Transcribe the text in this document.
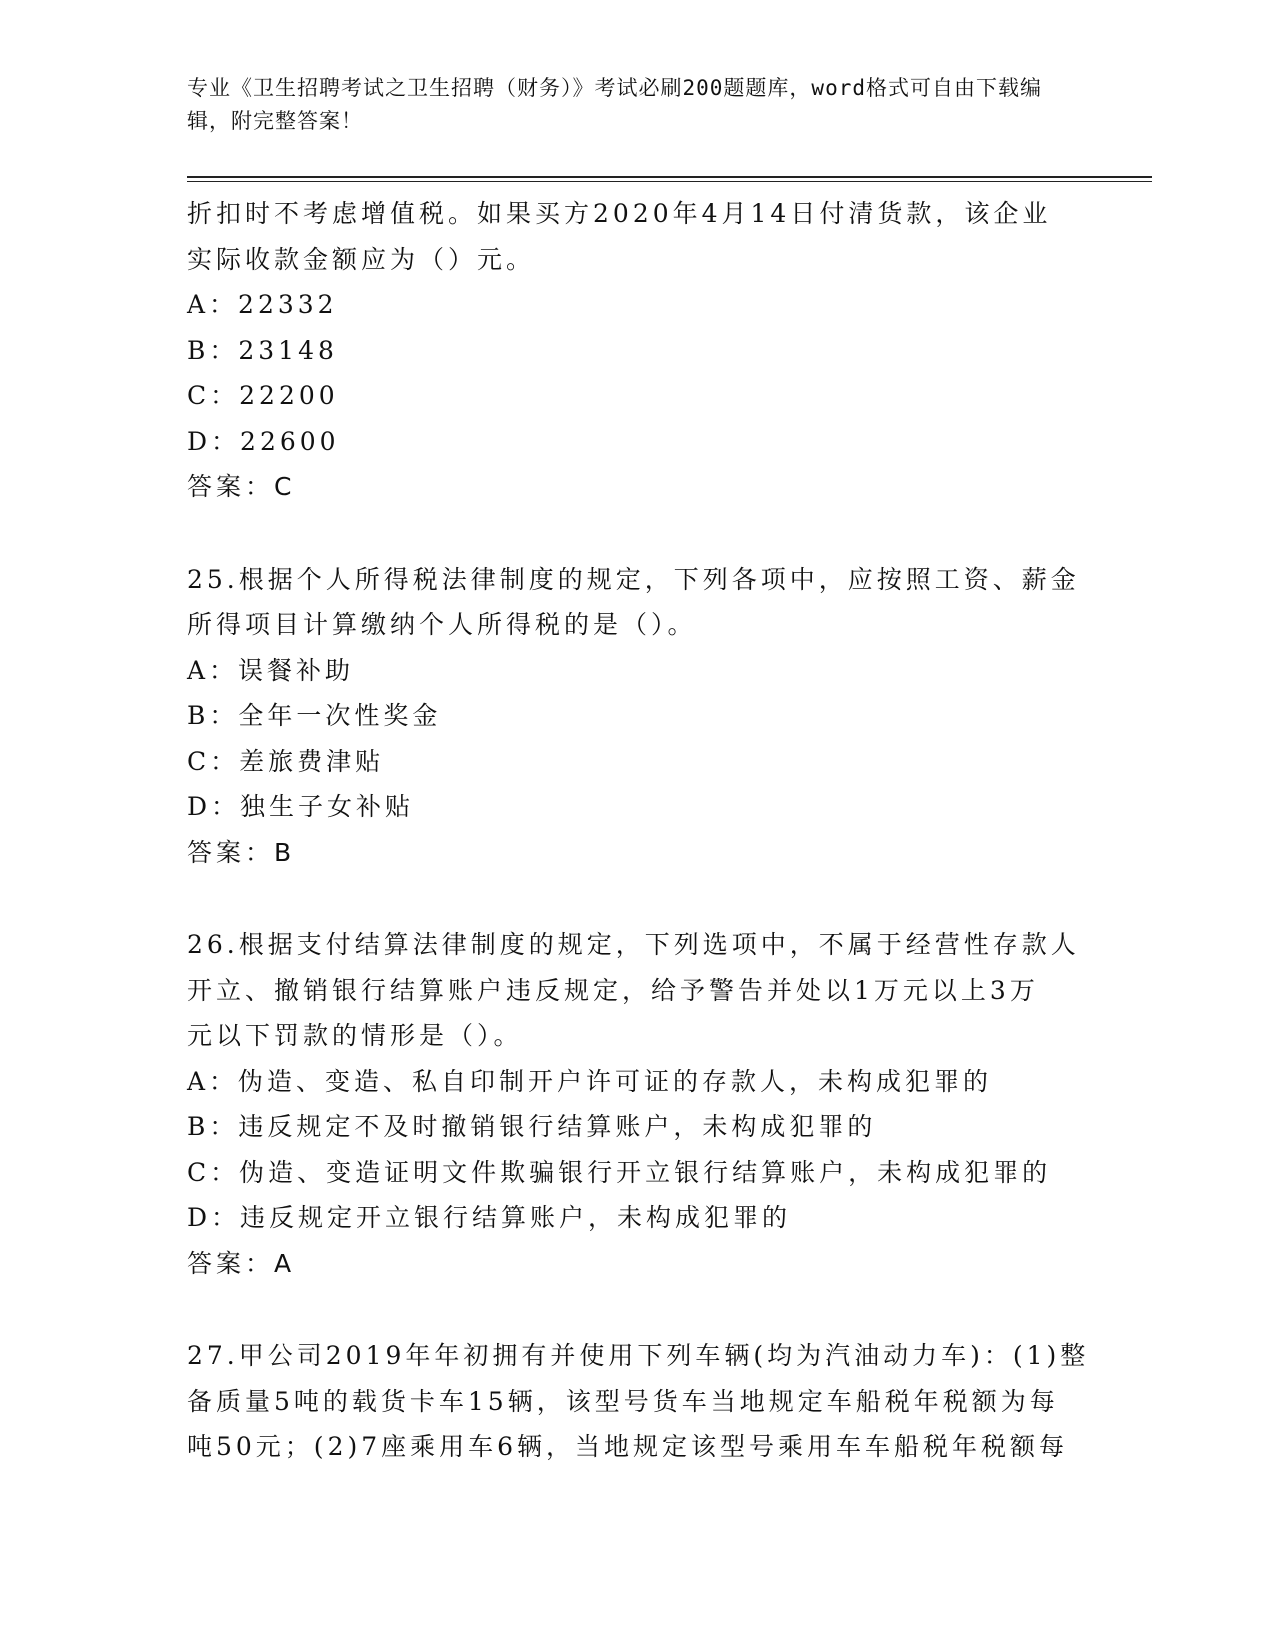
专业《卫生招聘考试之卫生招聘（财务）》考试必刷200题题库，word格式可自由下载编辑，附完整答案！
折扣时不考虑增值税。如果买方2020年4月14日付清货款，该企业
实际收款金额应为（）元。
A：22332
B：23148
C：22200
D：22600
答案：C
25.根据个人所得税法律制度的规定，下列各项中，应按照工资、薪金
所得项目计算缴纳个人所得税的是（）。
A：误餐补助
B：全年一次性奖金
C：差旅费津贴
D：独生子女补贴
答案：B
26.根据支付结算法律制度的规定，下列选项中，不属于经营性存款人
开立、撤销银行结算账户违反规定，给予警告并处以1万元以上3万
元以下罚款的情形是（）。
A：伪造、变造、私自印制开户许可证的存款人，未构成犯罪的
B：违反规定不及时撤销银行结算账户，未构成犯罪的
C：伪造、变造证明文件欺骗银行开立银行结算账户，未构成犯罪的
D：违反规定开立银行结算账户，未构成犯罪的
答案：A
27.甲公司2019年年初拥有并使用下列车辆(均为汽油动力车)：(1)整
备质量5吨的载货卡车15辆，该型号货车当地规定车船税年税额为每
吨50元；(2)7座乘用车6辆，当地规定该型号乘用车车船税年税额每
